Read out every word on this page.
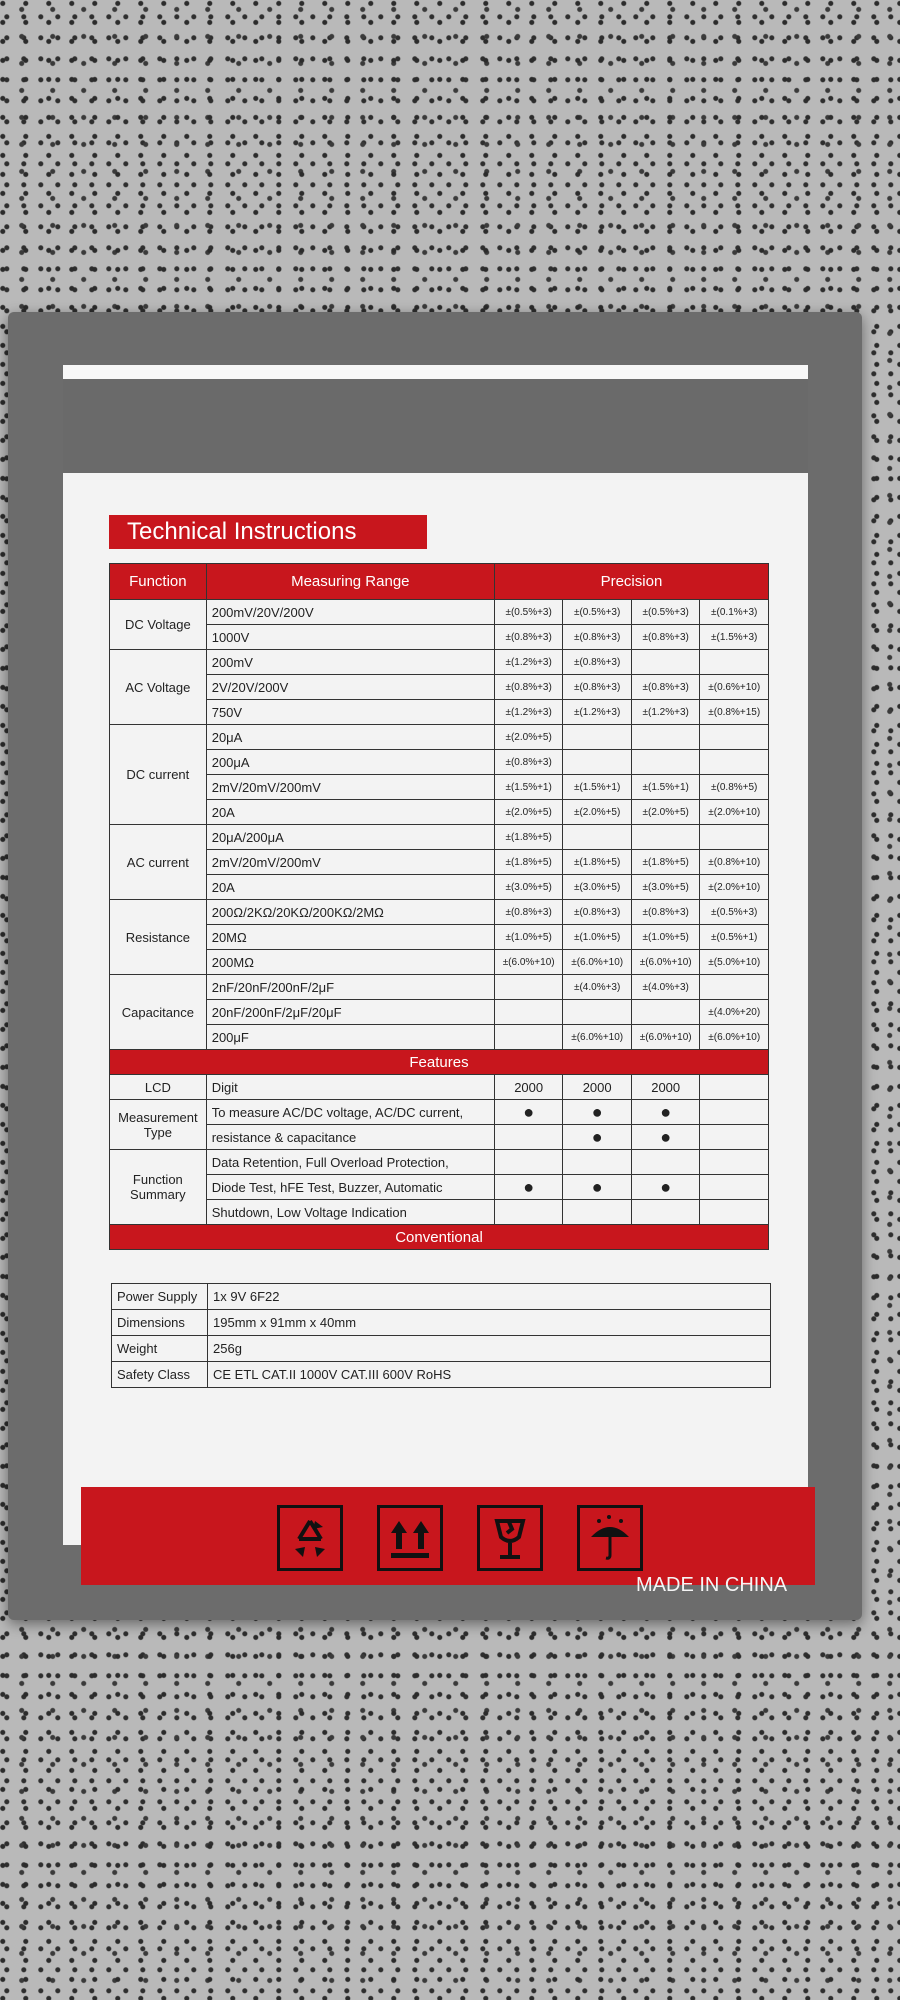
Technical Instructions
Function	Measuring Range	Precision			
DC Voltage	200mV/20V/200V	±(0.5%+3)	±(0.5%+3)	±(0.5%+3)	±(0.1%+3)
	1000V	±(0.8%+3)	±(0.8%+3)	±(0.8%+3)	±(1.5%+3)
AC Voltage	200mV	±(1.2%+3)	±(0.8%+3)		
	2V/20V/200V	±(0.8%+3)	±(0.8%+3)	±(0.8%+3)	±(0.6%+10)
	750V	±(1.2%+3)	±(1.2%+3)	±(1.2%+3)	±(0.8%+15)
DC current	20μA	±(2.0%+5)			
	200μA	±(0.8%+3)			
	2mV/20mV/200mV	±(1.5%+1)	±(1.5%+1)	±(1.5%+1)	±(0.8%+5)
	20A	±(2.0%+5)	±(2.0%+5)	±(2.0%+5)	±(2.0%+10)
AC current	20μA/200μA	±(1.8%+5)			
	2mV/20mV/200mV	±(1.8%+5)	±(1.8%+5)	±(1.8%+5)	±(0.8%+10)
	20A	±(3.0%+5)	±(3.0%+5)	±(3.0%+5)	±(2.0%+10)
Resistance	200Ω/2KΩ/20KΩ/200KΩ/2MΩ	±(0.8%+3)	±(0.8%+3)	±(0.8%+3)	±(0.5%+3)
	20MΩ	±(1.0%+5)	±(1.0%+5)	±(1.0%+5)	±(0.5%+1)
	200MΩ	±(6.0%+10)	±(6.0%+10)	±(6.0%+10)	±(5.0%+10)
Capacitance	2nF/20nF/200nF/2μF		±(4.0%+3)	±(4.0%+3)	
	20nF/200nF/2μF/20μF				±(4.0%+20)
	200μF		±(6.0%+10)	±(6.0%+10)	±(6.0%+10)
Features					
LCD	Digit	2000	2000	2000	
Measurement Type	To measure AC/DC voltage, AC/DC current,	●	●	●	
	resistance & capacitance		●	●	
Function Summary	Data Retention, Full Overload Protection,				
	Diode Test, hFE Test, Buzzer, Automatic	●	●	●	
	Shutdown, Low Voltage Indication				
Conventional					
Power Supply	1x 9V 6F22
Dimensions	195mm x 91mm x 40mm
Weight	256g
Safety Class	CE ETL CAT.II 1000V CAT.III 600V RoHS
MADE IN CHINA
